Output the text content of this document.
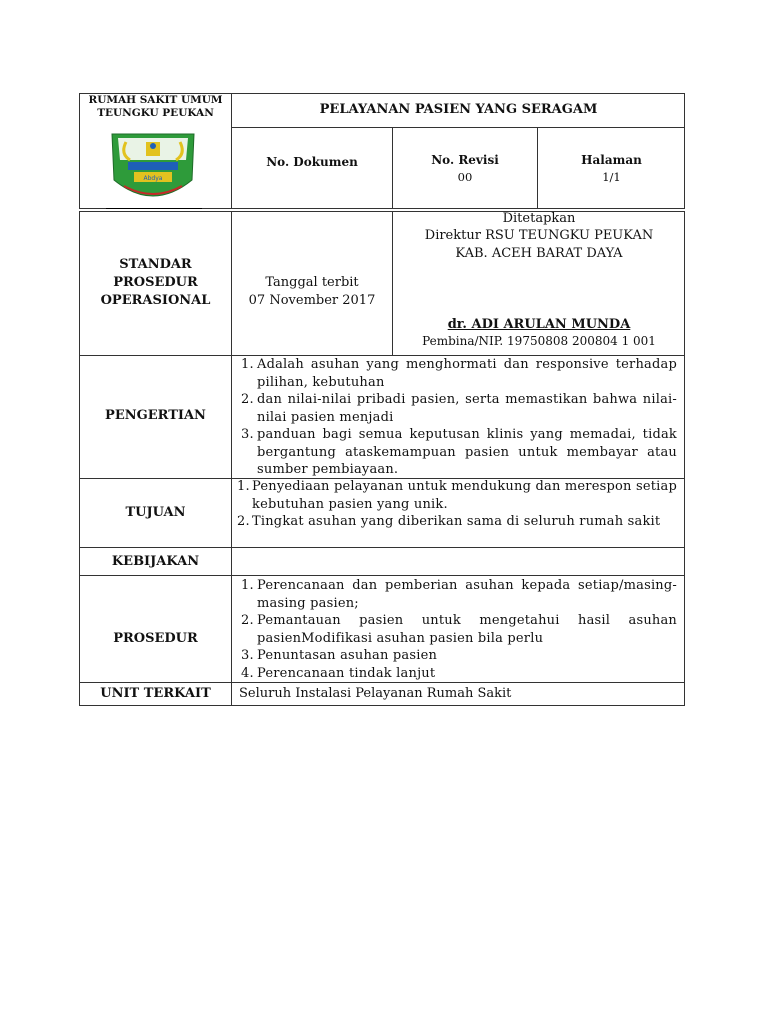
RUMAH SAKIT UMUM
TEUNGKU PEUKAN
Abdya
PELAYANAN PASIEN YANG SERAGAM
No. Dokumen	No. Revisi
00
Halaman
1/1
STANDAR
PROSEDUR
OPERASIONAL
Tanggal terbit
07 November 2017
Ditetapkan
Direktur RSU TEUNGKU PEUKAN
KAB. ACEH BARAT DAYA
dr. ADI ARULAN MUNDA
Pembina/NIP. 19750808 200804 1 001
PENGERTIAN
1. Adalah asuhan yang menghormati dan responsive terhadap pilihan, kebutuhan
2. dan nilai-nilai pribadi pasien, serta memastikan bahwa nilai-nilai pasien menjadi
3. panduan bagi semua keputusan klinis yang memadai, tidak bergantung ataskemampuan pasien untuk membayar atau sumber pembiayaan.
TUJUAN
1. Penyediaan pelayanan untuk mendukung dan merespon setiap kebutuhan pasien yang unik.
2. Tingkat asuhan yang diberikan sama di seluruh rumah sakit
KEBIJAKAN
PROSEDUR
1. Perencanaan dan pemberian asuhan kepada setiap/masing-masing pasien;
2. Pemantauan pasien untuk mengetahui hasil asuhan pasienModifikasi asuhan pasien bila perlu
3. Penuntasan asuhan pasien
4. Perencanaan tindak lanjut
UNIT TERKAIT	Seluruh Instalasi Pelayanan Rumah Sakit
